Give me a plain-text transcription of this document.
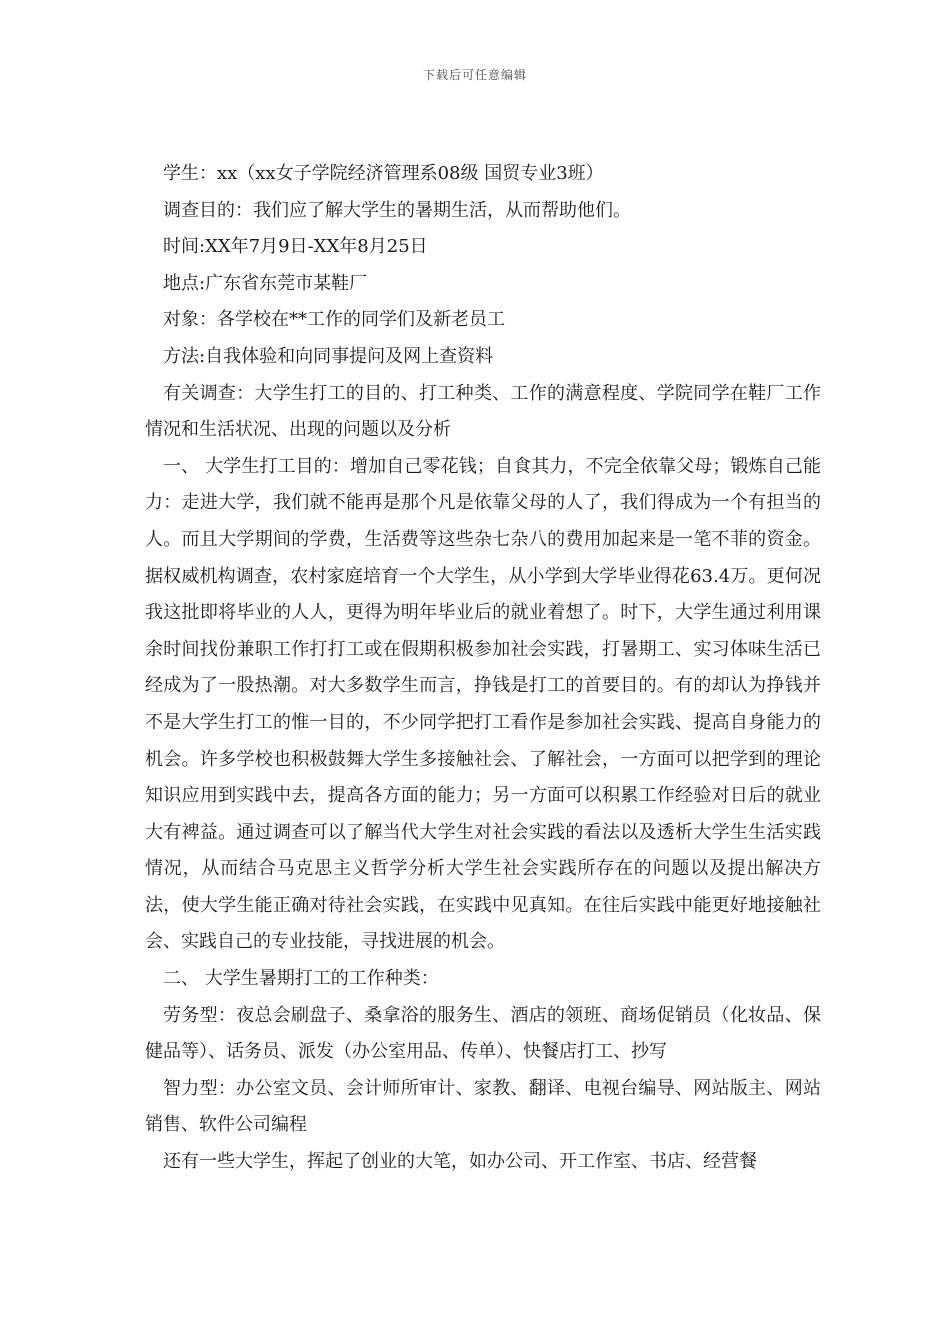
下载后可任意编辑

学生：xx（xx女子学院经济管理系08级 国贸专业3班）

调查目的：我们应了解大学生的暑期生活，从而帮助他们。

时间:XX年7月9日-XX年8月25日

地点:广东省东莞市某鞋厂

对象：各学校在**工作的同学们及新老员工

方法:自我体验和向同事提问及网上查资料

有关调查：大学生打工的目的、打工种类、工作的满意程度、学院同学在鞋厂工作情况和生活状况、出现的问题以及分析

一、 大学生打工目的：增加自己零花钱；自食其力，不完全依靠父母；锻炼自己能力：走进大学，我们就不能再是那个凡是依靠父母的人了，我们得成为一个有担当的人。而且大学期间的学费，生活费等这些杂七杂八的费用加起来是一笔不菲的资金。据权威机构调查，农村家庭培育一个大学生，从小学到大学毕业得花63.4万。更何况我这批即将毕业的人人，更得为明年毕业后的就业着想了。时下，大学生通过利用课余时间找份兼职工作打打工或在假期积极参加社会实践，打暑期工、实习体味生活已经成为了一股热潮。对大多数学生而言，挣钱是打工的首要目的。有的却认为挣钱并不是大学生打工的惟一目的，不少同学把打工看作是参加社会实践、提高自身能力的机会。许多学校也积极鼓舞大学生多接触社会、了解社会，一方面可以把学到的理论知识应用到实践中去，提高各方面的能力；另一方面可以积累工作经验对日后的就业大有裨益。通过调查可以了解当代大学生对社会实践的看法以及透析大学生生活实践情况，从而结合马克思主义哲学分析大学生社会实践所存在的问题以及提出解决方法，使大学生能正确对待社会实践，在实践中见真知。在往后实践中能更好地接触社会、实践自己的专业技能，寻找进展的机会。

二、 大学生暑期打工的工作种类：

劳务型：夜总会刷盘子、桑拿浴的服务生、酒店的领班、商场促销员（化妆品、保健品等）、话务员、派发（办公室用品、传单）、快餐店打工、抄写

智力型：办公室文员、会计师所审计、家教、翻译、电视台编导、网站版主、网站销售、软件公司编程

还有一些大学生，挥起了创业的大笔，如办公司、开工作室、书店、经营餐
